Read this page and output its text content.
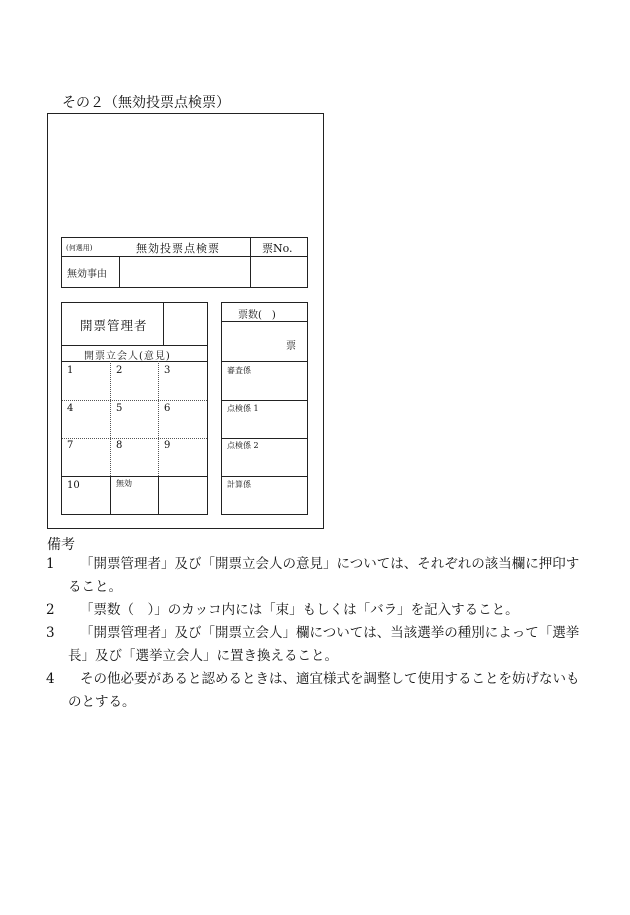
その２（無効投票点検票）
(何選用)	無効投票点検票	票No.
無効事由
開票管理者
開票立会人(意見)
1	2	3
4	5	6
7	8	9
10	無効
票数(　)
票
審査係
点検係 1
点検係 2
計算係
備考
1	「開票管理者」及び「開票立会人の意見」については、それぞれの該当欄に押印すること。
2	「票数（　）」のカッコ内には「束」もしくは「バラ」を記入すること。
3	「開票管理者」及び「開票立会人」欄については、当該選挙の種別によって「選挙長」及び「選挙立会人」に置き換えること。
4	その他必要があると認めるときは、適宜様式を調整して使用することを妨げないものとする。
